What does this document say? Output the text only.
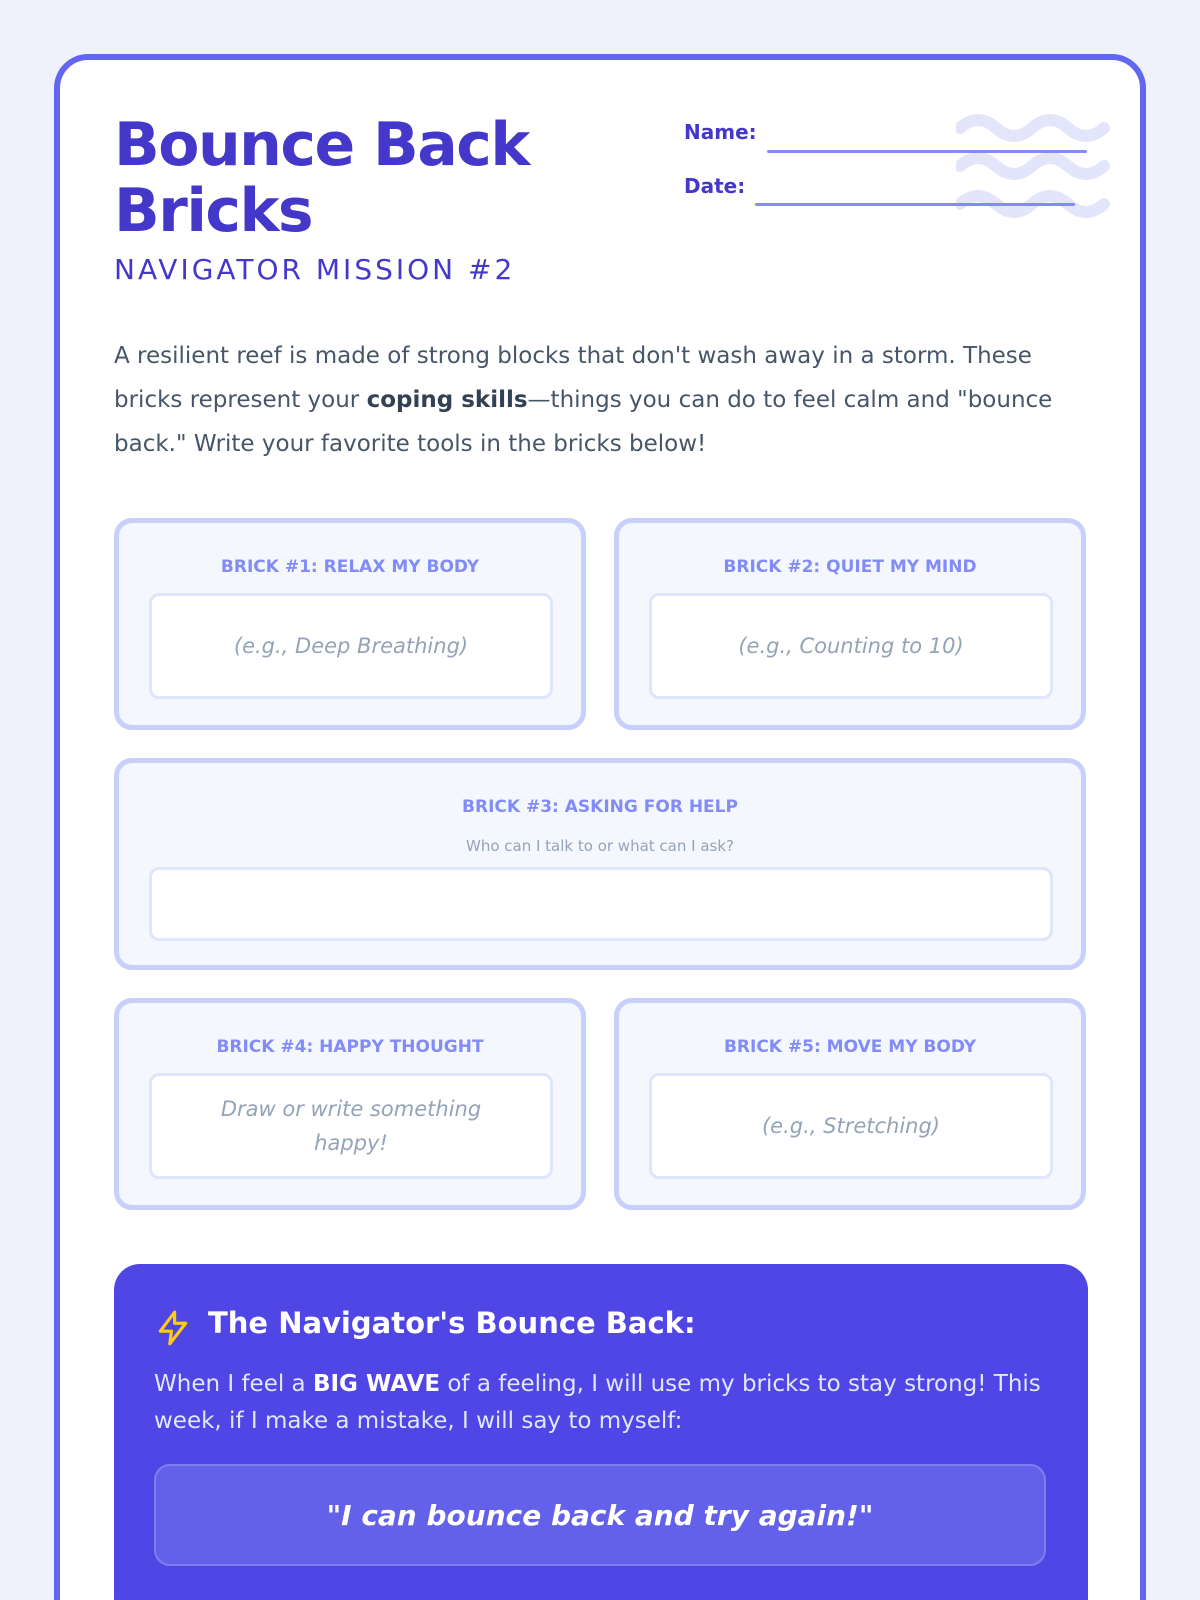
Bounce Back Bricks
NAVIGATOR MISSION #2
Name:
Date:

A resilient reef is made of strong blocks that don't wash away in a storm. These bricks represent your coping skills—things you can do to feel calm and "bounce back." Write your favorite tools in the bricks below!

BRICK #1: RELAX MY BODY
(e.g., Deep Breathing)
BRICK #2: QUIET MY MIND
(e.g., Counting to 10)
BRICK #3: ASKING FOR HELP
Who can I talk to or what can I ask?
BRICK #4: HAPPY THOUGHT
Draw or write something happy!
BRICK #5: MOVE MY BODY
(e.g., Stretching)
The Navigator's Bounce Back:

When I feel a BIG WAVE of a feeling, I will use my bricks to stay strong! This week, if I make a mistake, I will say to myself:

"I can bounce back and try again!"
